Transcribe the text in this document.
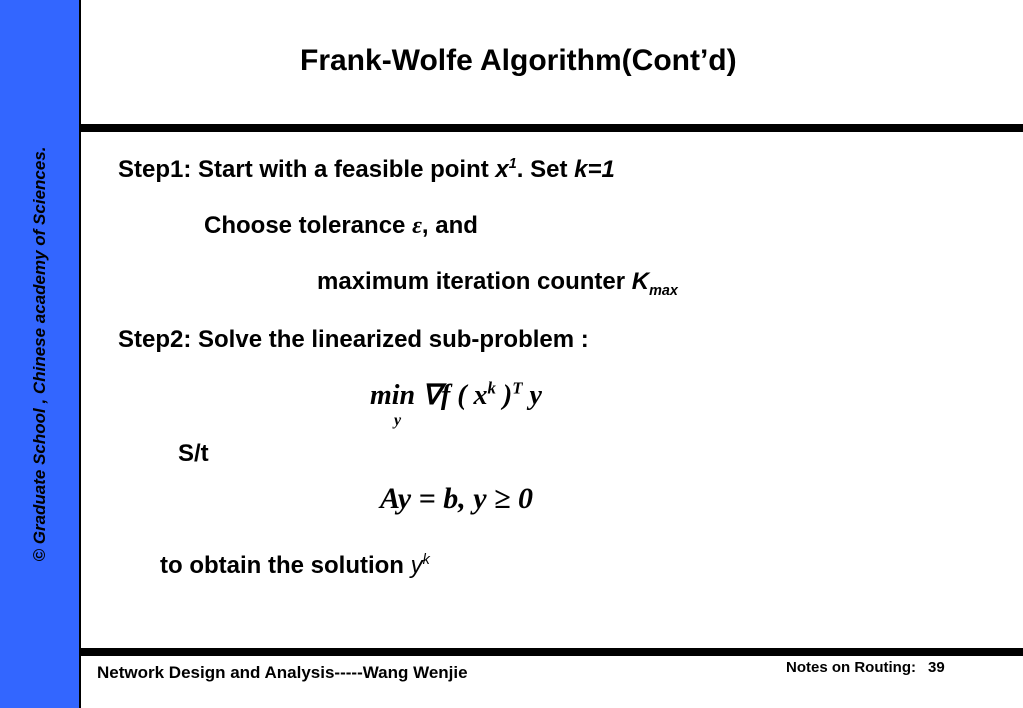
© Graduate School , Chinese academy of Sciences.
Frank-Wolfe Algorithm(Cont’d)
Step1: Start with a feasible point $x^1$. Set k=1
Choose tolerance ε, and
maximum iteration counter $K_{max}$
Step2: Solve the linearized sub-problem :
min ∇f ( $x^k$ )$^T$ y
y
S/t
Ay = b, y ≥ 0
to obtain the solution $y^k$
Network Design and Analysis-----Wang Wenjie	Notes on Routing: 39
